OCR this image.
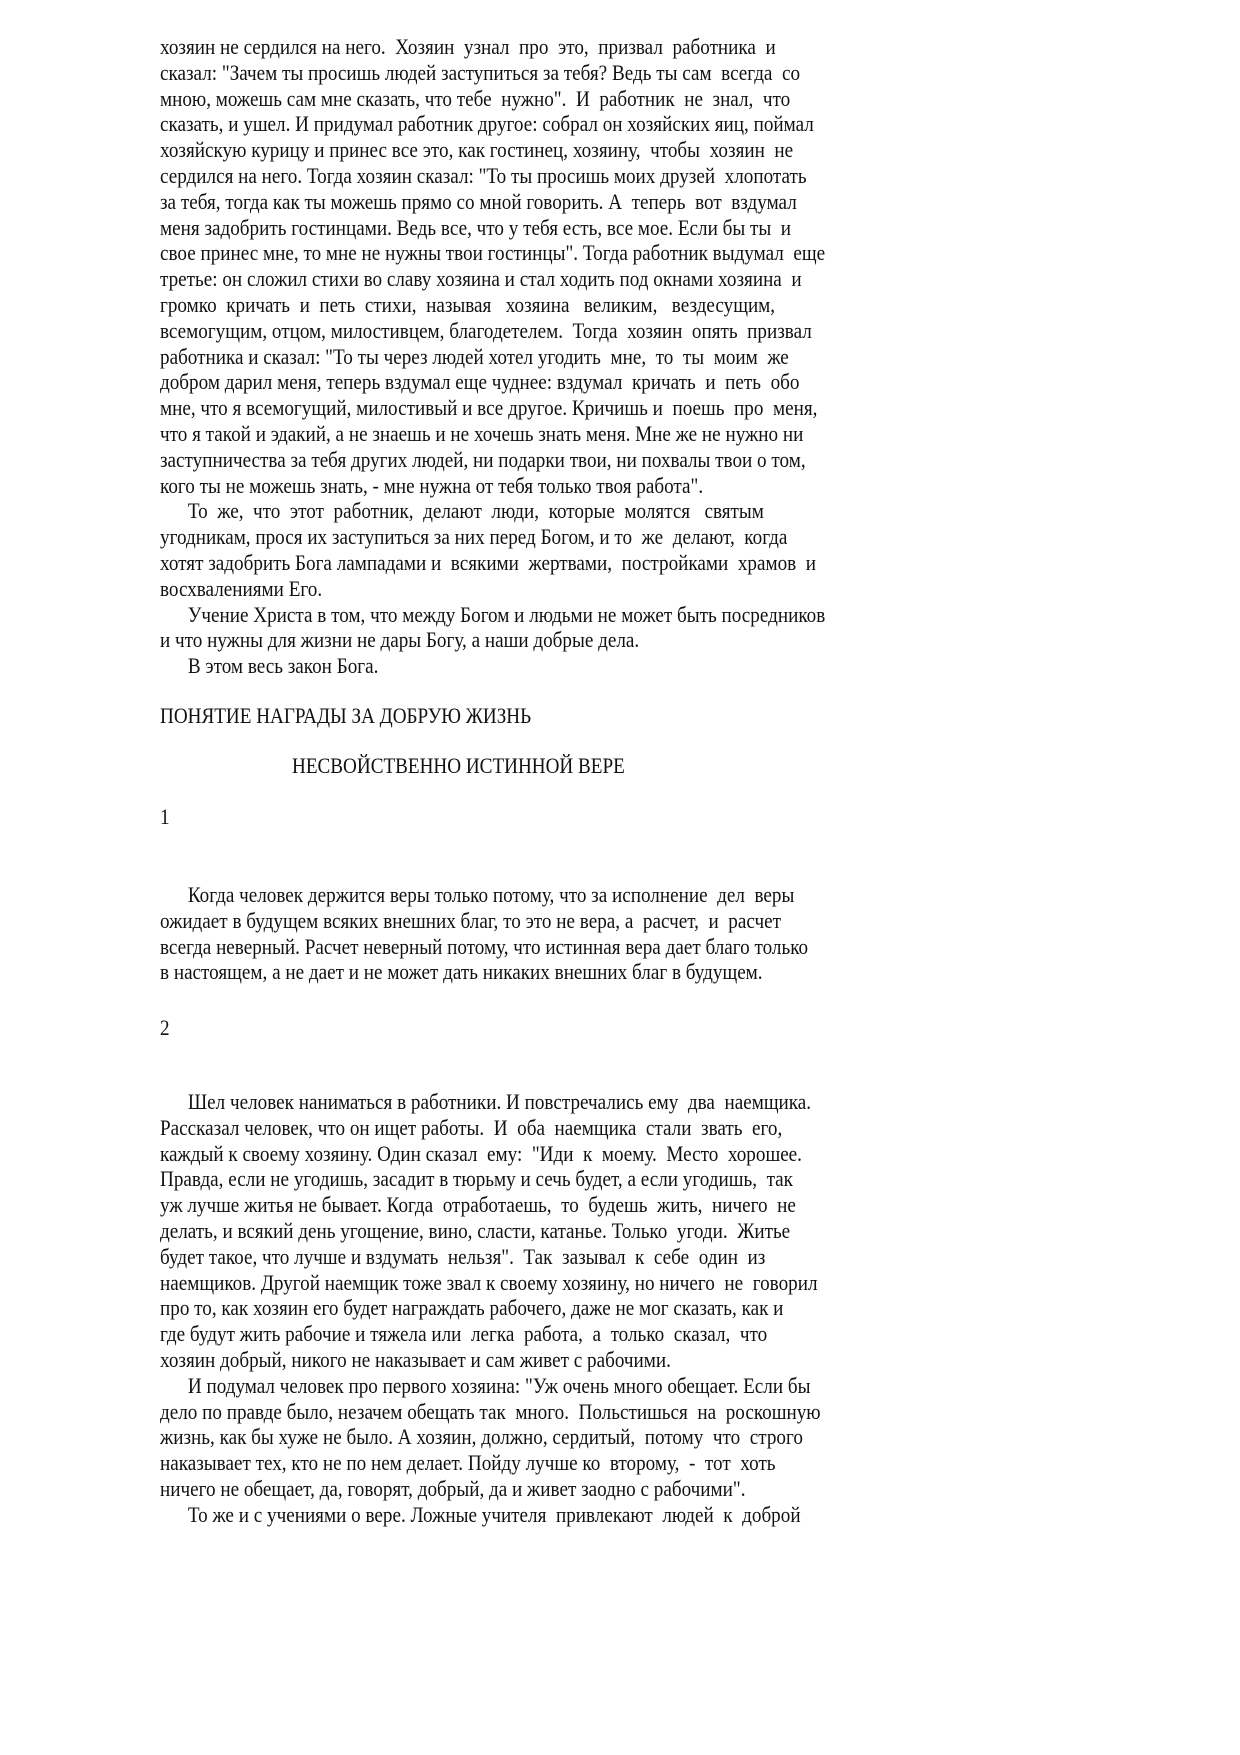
хозяин не сердился на него.  Хозяин  узнал  про  это,  призвал  работника  и
сказал: "Зачем ты просишь людей заступиться за тебя? Ведь ты сам  всегда  со
мною, можешь сам мне сказать, что тебе  нужно".  И  работник  не  знал,  что
сказать, и ушел. И придумал работник другое: собрал он хозяйских яиц, поймал
хозяйскую курицу и принес все это, как гостинец, хозяину,  чтобы  хозяин  не
сердился на него. Тогда хозяин сказал: "То ты просишь моих друзей  хлопотать
за тебя, тогда как ты можешь прямо со мной говорить. А  теперь  вот  вздумал
меня задобрить гостинцами. Ведь все, что у тебя есть, все мое. Если бы ты  и
свое принес мне, то мне не нужны твои гостинцы". Тогда работник выдумал  еще
третье: он сложил стихи во славу хозяина и стал ходить под окнами хозяина  и
громко  кричать  и  петь  стихи,  называя   хозяина   великим,   вездесущим,
всемогущим, отцом, милостивцем, благодетелем.  Тогда  хозяин  опять  призвал
работника и сказал: "То ты через людей хотел угодить  мне,  то  ты  моим  же
добром дарил меня, теперь вздумал еще чуднее: вздумал  кричать  и  петь  обо
мне, что я всемогущий, милостивый и все другое. Кричишь и  поешь  про  меня,
что я такой и эдакий, а не знаешь и не хочешь знать меня. Мне же не нужно ни
заступничества за тебя других людей, ни подарки твои, ни похвалы твои о том,
кого ты не можешь знать, - мне нужна от тебя только твоя работа".
То  же,  что  этот  работник,  делают  люди,  которые  молятся   святым
угодникам, прося их заступиться за них перед Богом, и то  же  делают,  когда
хотят задобрить Бога лампадами и  всякими  жертвами,  постройками  храмов  и
восхвалениями Его.
Учение Христа в том, что между Богом и людьми не может быть посредников
и что нужны для жизни не дары Богу, а наши добрые дела.
В этом весь закон Бога.
ПОНЯТИЕ НАГРАДЫ ЗА ДОБРУЮ ЖИЗНЬ
НЕСВОЙСТВЕННО ИСТИННОЙ ВЕРЕ
1
Когда человек держится веры только потому, что за исполнение  дел  веры
ожидает в будущем всяких внешних благ, то это не вера, а  расчет,  и  расчет
всегда неверный. Расчет неверный потому, что истинная вера дает благо только
в настоящем, а не дает и не может дать никаких внешних благ в будущем.
2
Шел человек наниматься в работники. И повстречались ему  два  наемщика.
Рассказал человек, что он ищет работы.  И  оба  наемщика  стали  звать  его,
каждый к своему хозяину. Один сказал  ему:  "Иди  к  моему.  Место  хорошее.
Правда, если не угодишь, засадит в тюрьму и сечь будет, а если угодишь,  так
уж лучше житья не бывает. Когда  отработаешь,  то  будешь  жить,  ничего  не
делать, и всякий день угощение, вино, сласти, катанье. Только  угоди.  Житье
будет такое, что лучше и вздумать  нельзя".  Так  зазывал  к  себе  один  из
наемщиков. Другой наемщик тоже звал к своему хозяину, но ничего  не  говорил
про то, как хозяин его будет награждать рабочего, даже не мог сказать, как и
где будут жить рабочие и тяжела или  легка  работа,  а  только  сказал,  что
хозяин добрый, никого не наказывает и сам живет с рабочими.
И подумал человек про первого хозяина: "Уж очень много обещает. Если бы
дело по правде было, незачем обещать так  много.  Польстишься  на  роскошную
жизнь, как бы хуже не было. А хозяин, должно, сердитый,  потому  что  строго
наказывает тех, кто не по нем делает. Пойду лучше ко  второму,  -  тот  хоть
ничего не обещает, да, говорят, добрый, да и живет заодно с рабочими".
То же и с учениями о вере. Ложные учителя  привлекают  людей  к  доброй
